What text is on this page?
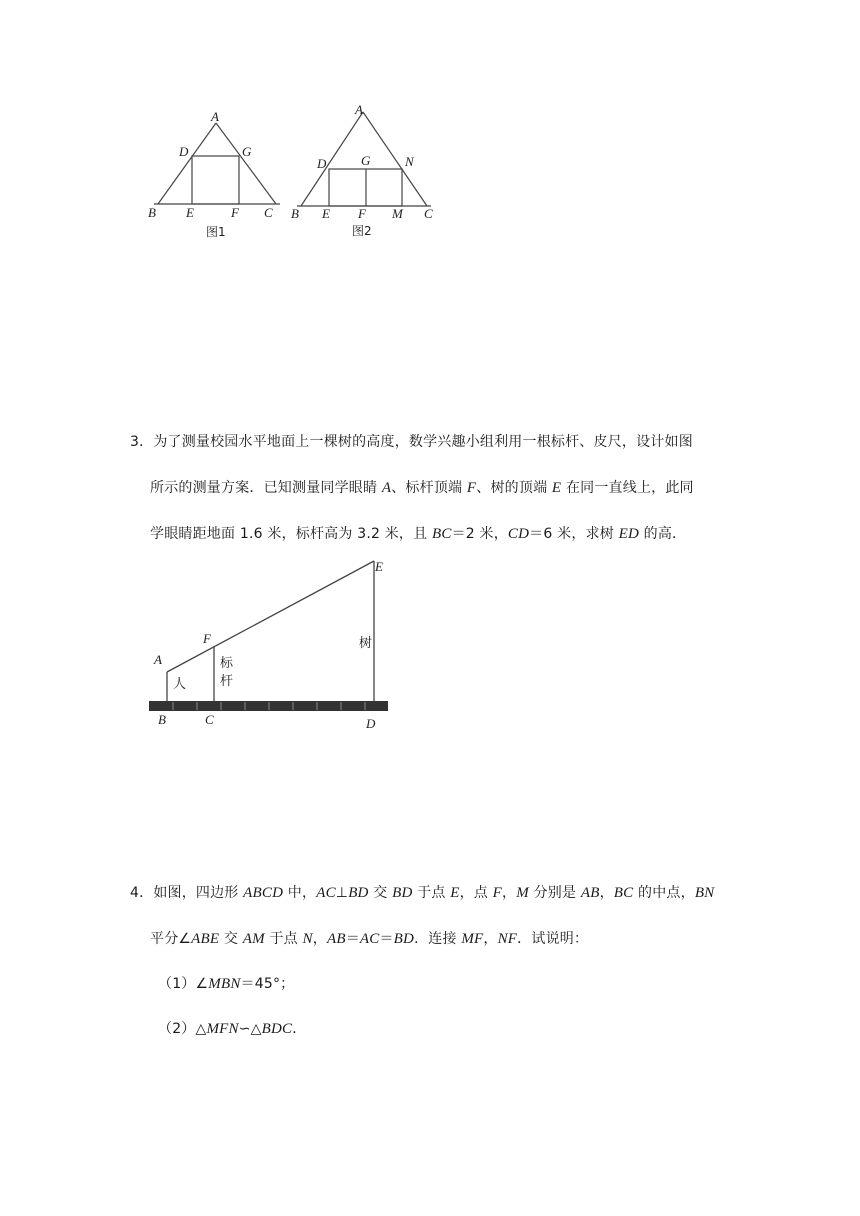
A
D	G
B E	F C
图1
A
D	G	N
B E F M C
图2
3．为了测量校园水平地面上一棵树的高度，数学兴趣小组利用一根标杆、皮尺，设计如图
所示的测量方案．已知测量同学眼睛 A、标杆顶端 F、树的顶端 E 在同一直线上，此同
学眼睛距地面 1.6 米，标杆高为 3.2 米，且 BC＝2 米，CD＝6 米，求树 ED 的高．
A
F
E
B	C	D
人
标
杆
树
4．如图，四边形 ABCD 中，AC⊥BD 交 BD 于点 E，点 F，M 分别是 AB，BC 的中点，BN
平分∠ABE 交 AM 于点 N，AB＝AC＝BD．连接 MF，NF．试说明：
（1）∠MBN＝45°；
（2）△MFN∽△BDC．
